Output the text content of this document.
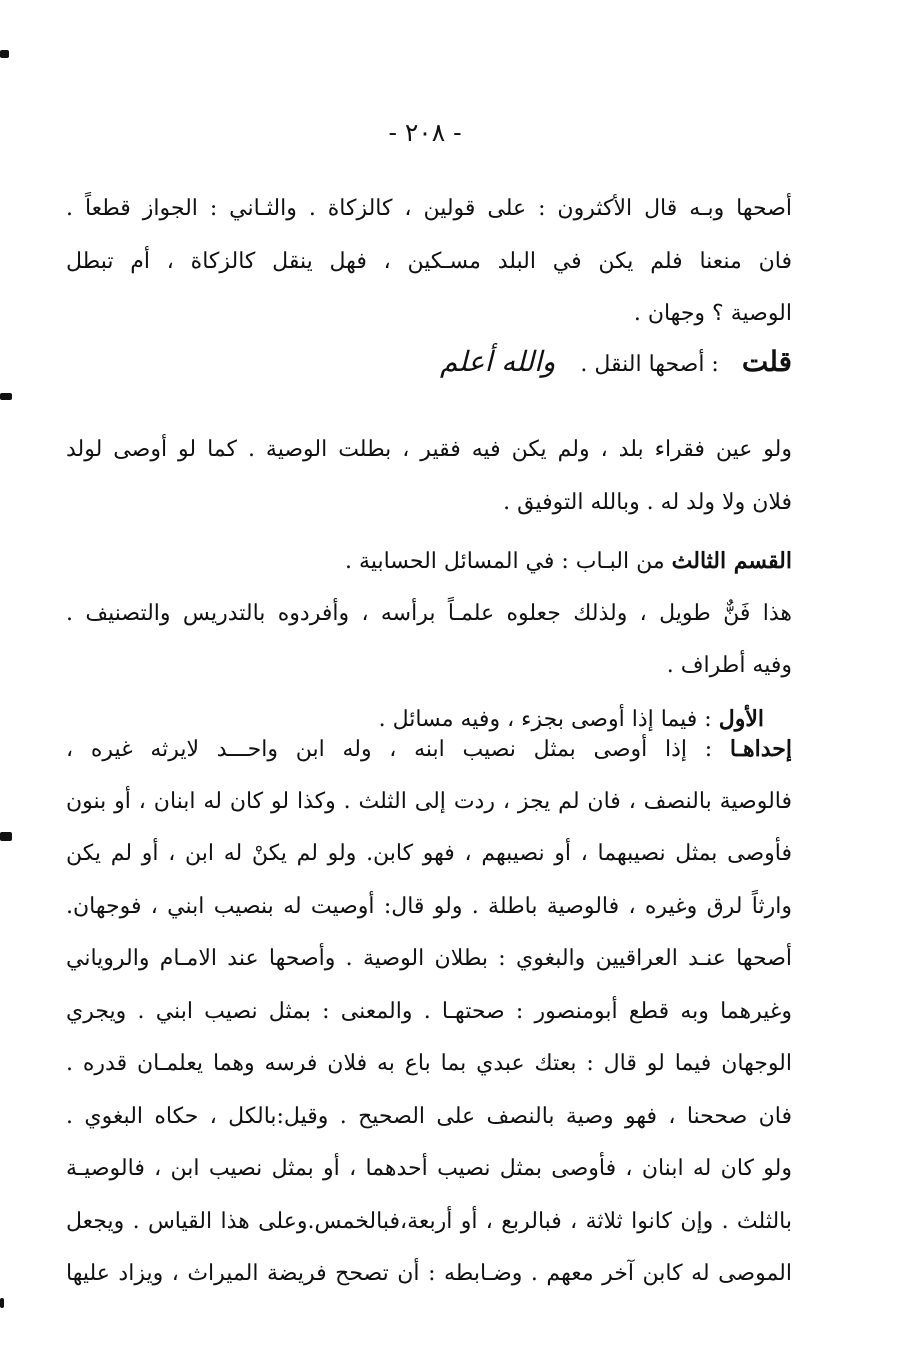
- ٢٠٨ -
أصحها وبـه قال الأكثرون : على قولين ، كالزكاة . والثـاني : الجواز قطعاً .
فان منعنا فلم يكن في البلد مسـكين ، فهل ينقل كالزكاة ، أم تبطل
الوصية ؟ وجهان .
قلت : أصحها النقل . والله أعلم
ولو عين فقراء بلد ، ولم يكن فيه فقير ، بطلت الوصية . كما لو أوصى لولد
فلان ولا ولد له . وبالله التوفيق .
القسم الثالث من البـاب : في المسائل الحسابية .
هذا فَنٌّ طويل ، ولذلك جعلوه علمـاً برأسه ، وأفردوه بالتدريس والتصنيف .
وفيه أطراف .
الأول : فيما إذا أوصى بجزء ، وفيه مسائل .
إحداهـا : إذا أوصى بمثل نصيب ابنه ، وله ابن واحـــد لايرثه غيره ،
فالوصية بالنصف ، فان لم يجز ، ردت إلى الثلث . وكذا لو كان له ابنان ، أو بنون
فأوصى بمثل نصيبهما ، أو نصيبهم ، فهو كابن. ولو لم يكنْ له ابن ، أو لم يكن
وارثاً لرق وغيره ، فالوصية باطلة . ولو قال: أوصيت له بنصيب ابني ، فوجهان.
أصحها عنـد العراقيين والبغوي : بطلان الوصية . وأصحها عند الامـام والروياني
وغيرهما وبه قطع أبومنصور : صحتهـا . والمعنى : بمثل نصيب ابني . ويجري
الوجهان فيما لو قال : بعتك عبدي بما باع به فلان فرسه وهما يعلمـان قدره .
فان صححنا ، فهو وصية بالنصف على الصحيح . وقيل:بالكل ، حكاه البغوي .
ولو كان له ابنان ، فأوصى بمثل نصيب أحدهما ، أو بمثل نصيب ابن ، فالوصيـة
بالثلث . وإن كانوا ثلاثة ، فبالربع ، أو أربعة،فبالخمس.وعلى هذا القياس . ويجعل
الموصى له كابن آخر معهم . وضـابطه : أن تصحح فريضة الميراث ، ويزاد عليها
